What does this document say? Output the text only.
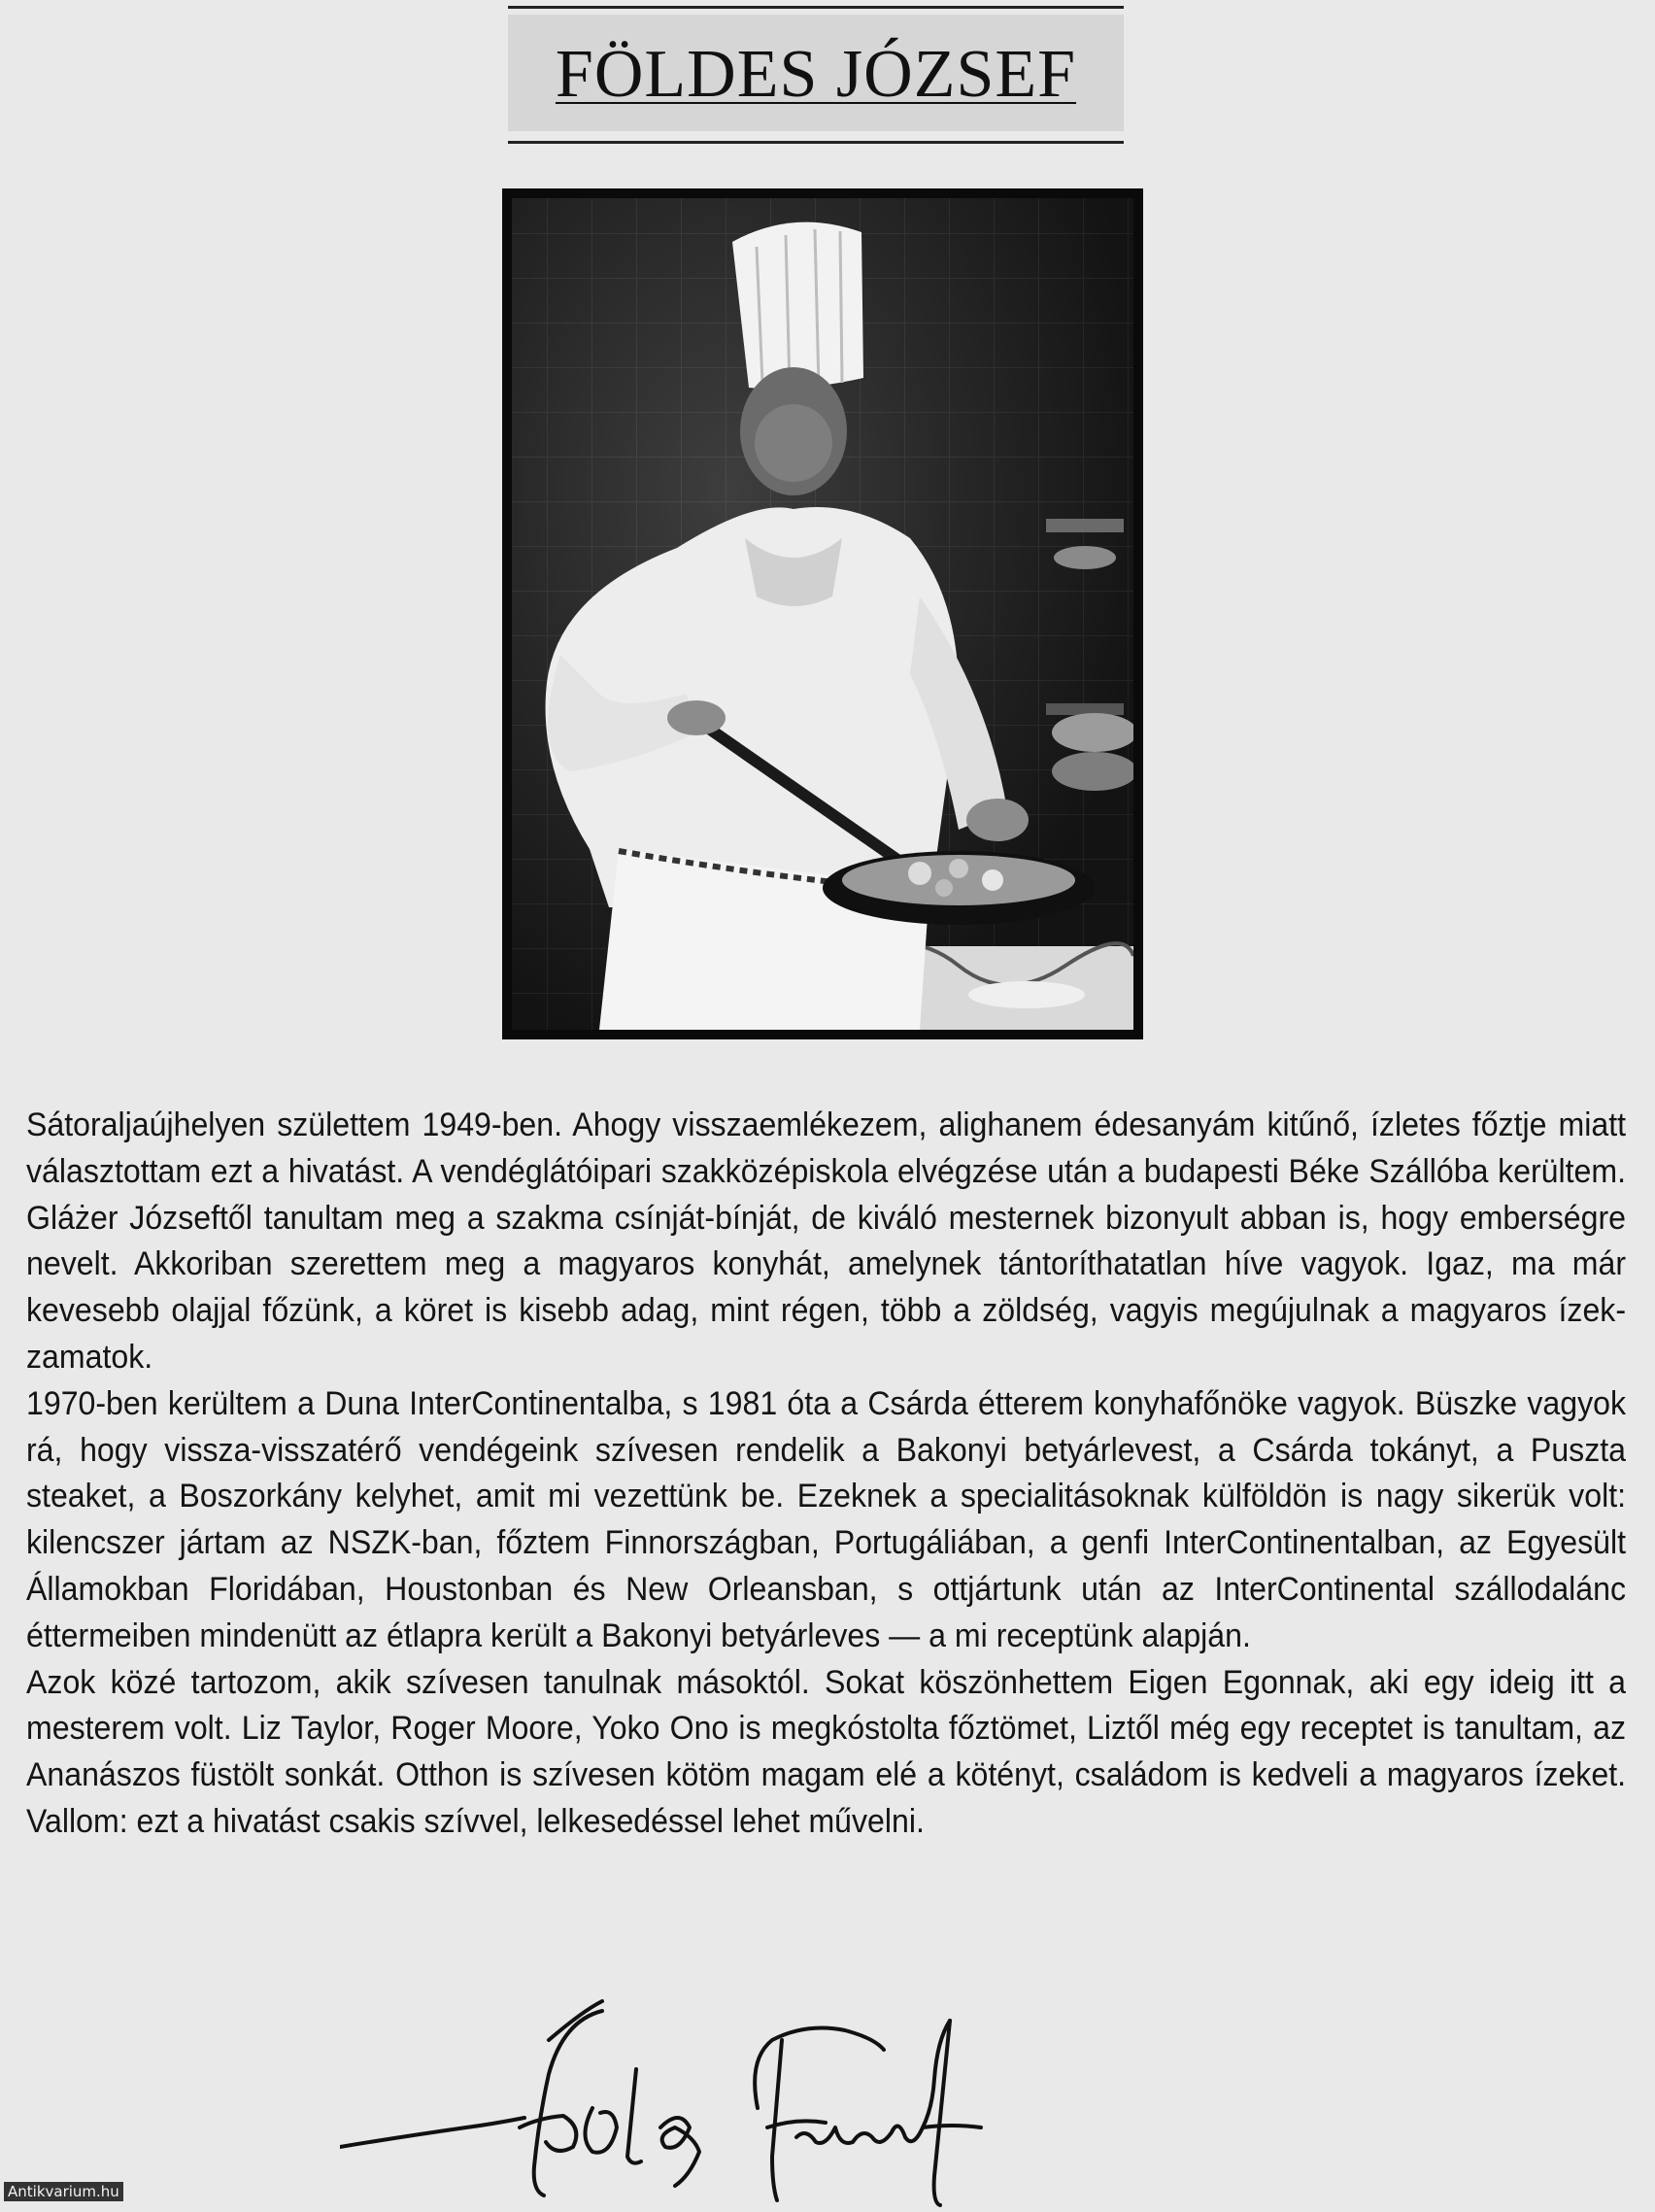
FÖLDES JÓZSEF

Sátoraljaújhelyen születtem 1949-ben. Ahogy visszaemlékezem, alighanem édesanyám kitűnő, ízletes főztje miatt választottam ezt a hivatást. A vendéglátóipari szakközépiskola elvégzése után a budapesti Béke Szállóba kerültem. Gláżer Józseftől tanultam meg a szakma csínját-bínját, de kiváló mesternek bizonyult abban is, hogy emberségre nevelt. Akkoriban szerettem meg a magyaros konyhát, amelynek tántoríthatatlan híve vagyok. Igaz, ma már kevesebb olajjal főzünk, a köret is kisebb adag, mint régen, több a zöldség, vagyis megújulnak a magyaros ízek-zamatok.

1970-ben kerültem a Duna InterContinentalba, s 1981 óta a Csárda étterem konyhafőnöke vagyok. Büszke vagyok rá, hogy vissza-visszatérő vendégeink szívesen rendelik a Bakonyi betyárlevest, a Csárda tokányt, a Puszta steaket, a Boszorkány kelyhet, amit mi vezettünk be. Ezeknek a specialitásoknak külföldön is nagy sikerük volt: kilencszer jártam az NSZK-ban, főztem Finnországban, Portugáliában, a genfi InterContinentalban, az Egyesült Államokban Floridában, Houstonban és New Orleansban, s ottjártunk után az InterContinental szállodalánc éttermeiben mindenütt az étlapra került a Bakonyi betyárleves — a mi receptünk alapján.

Azok közé tartozom, akik szívesen tanulnak másoktól. Sokat köszönhettem Eigen Egonnak, aki egy ideig itt a mesterem volt. Liz Taylor, Roger Moore, Yoko Ono is megkóstolta főztömet, Liztől még egy receptet is tanultam, az Ananászos füstölt sonkát. Otthon is szívesen kötöm magam elé a kötényt, családom is kedveli a magyaros ízeket. Vallom: ezt a hivatást csakis szívvel, lelkesedéssel lehet művelni.

Antikvarium.hu
